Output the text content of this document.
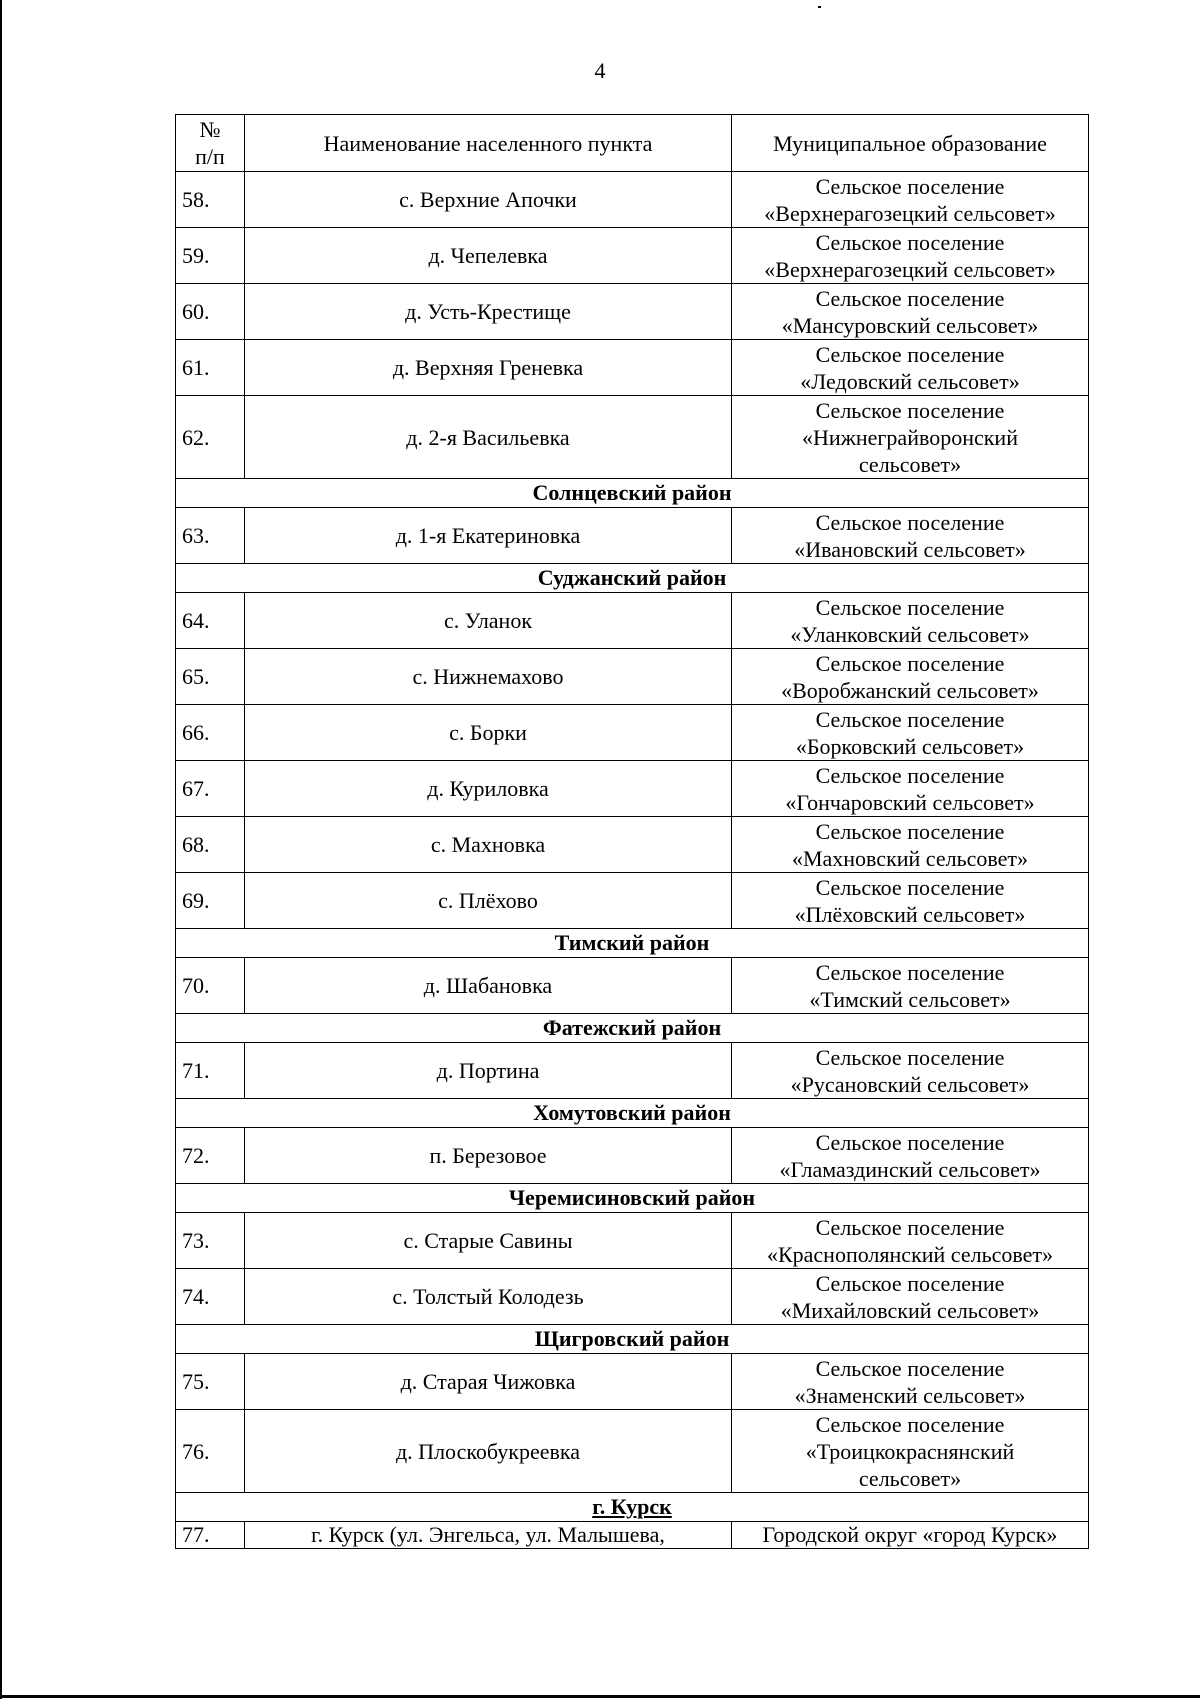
4
№
п/п	Наименование населенного пункта	Муниципальное образование
58.	с. Верхние Апочки	Сельское поселение
«Верхнерагозецкий сельсовет»

59.	д. Чепелевка	Сельское поселение
«Верхнерагозецкий сельсовет»

60.	д. Усть-Крестище	Сельское поселение
«Мансуровский сельсовет»

61.	д. Верхняя Греневка	Сельское поселение
«Ледовский сельсовет»

62.	д. 2-я Васильевка	Сельское поселение
«Нижнеграйворонский
сельсовет»

Солнцевский район		
63.	д. 1-я Екатериновка	Сельское поселение
«Ивановский сельсовет»

Суджанский район		
64.	с. Уланок	Сельское поселение
«Уланковский сельсовет»

65.	с. Нижнемахово	Сельское поселение
«Воробжанский сельсовет»

66.	с. Борки	Сельское поселение
«Борковский сельсовет»

67.	д. Куриловка	Сельское поселение
«Гончаровский сельсовет»

68.	с. Махновка	Сельское поселение
«Махновский сельсовет»

69.	с. Плёхово	Сельское поселение
«Плёховский сельсовет»

Тимский район		
70.	д. Шабановка	Сельское поселение
«Тимский сельсовет»

Фатежский район		
71.	д. Портина	Сельское поселение
«Русановский сельсовет»

Хомутовский район		
72.	п. Березовое	Сельское поселение
«Гламаздинский сельсовет»

Черемисиновский район		
73.	с. Старые Савины	Сельское поселение
«Краснополянский сельсовет»

74.	с. Толстый Колодезь	Сельское поселение
«Михайловский сельсовет»

Щигровский район		
75.	д. Старая Чижовка	Сельское поселение
«Знаменский сельсовет»

76.	д. Плоскобукреевка	Сельское поселение
«Троицкокраснянский
сельсовет»

г. Курск		
77.	г. Курск (ул. Энгельса, ул. Малышева,	Городской округ «город Курск»
